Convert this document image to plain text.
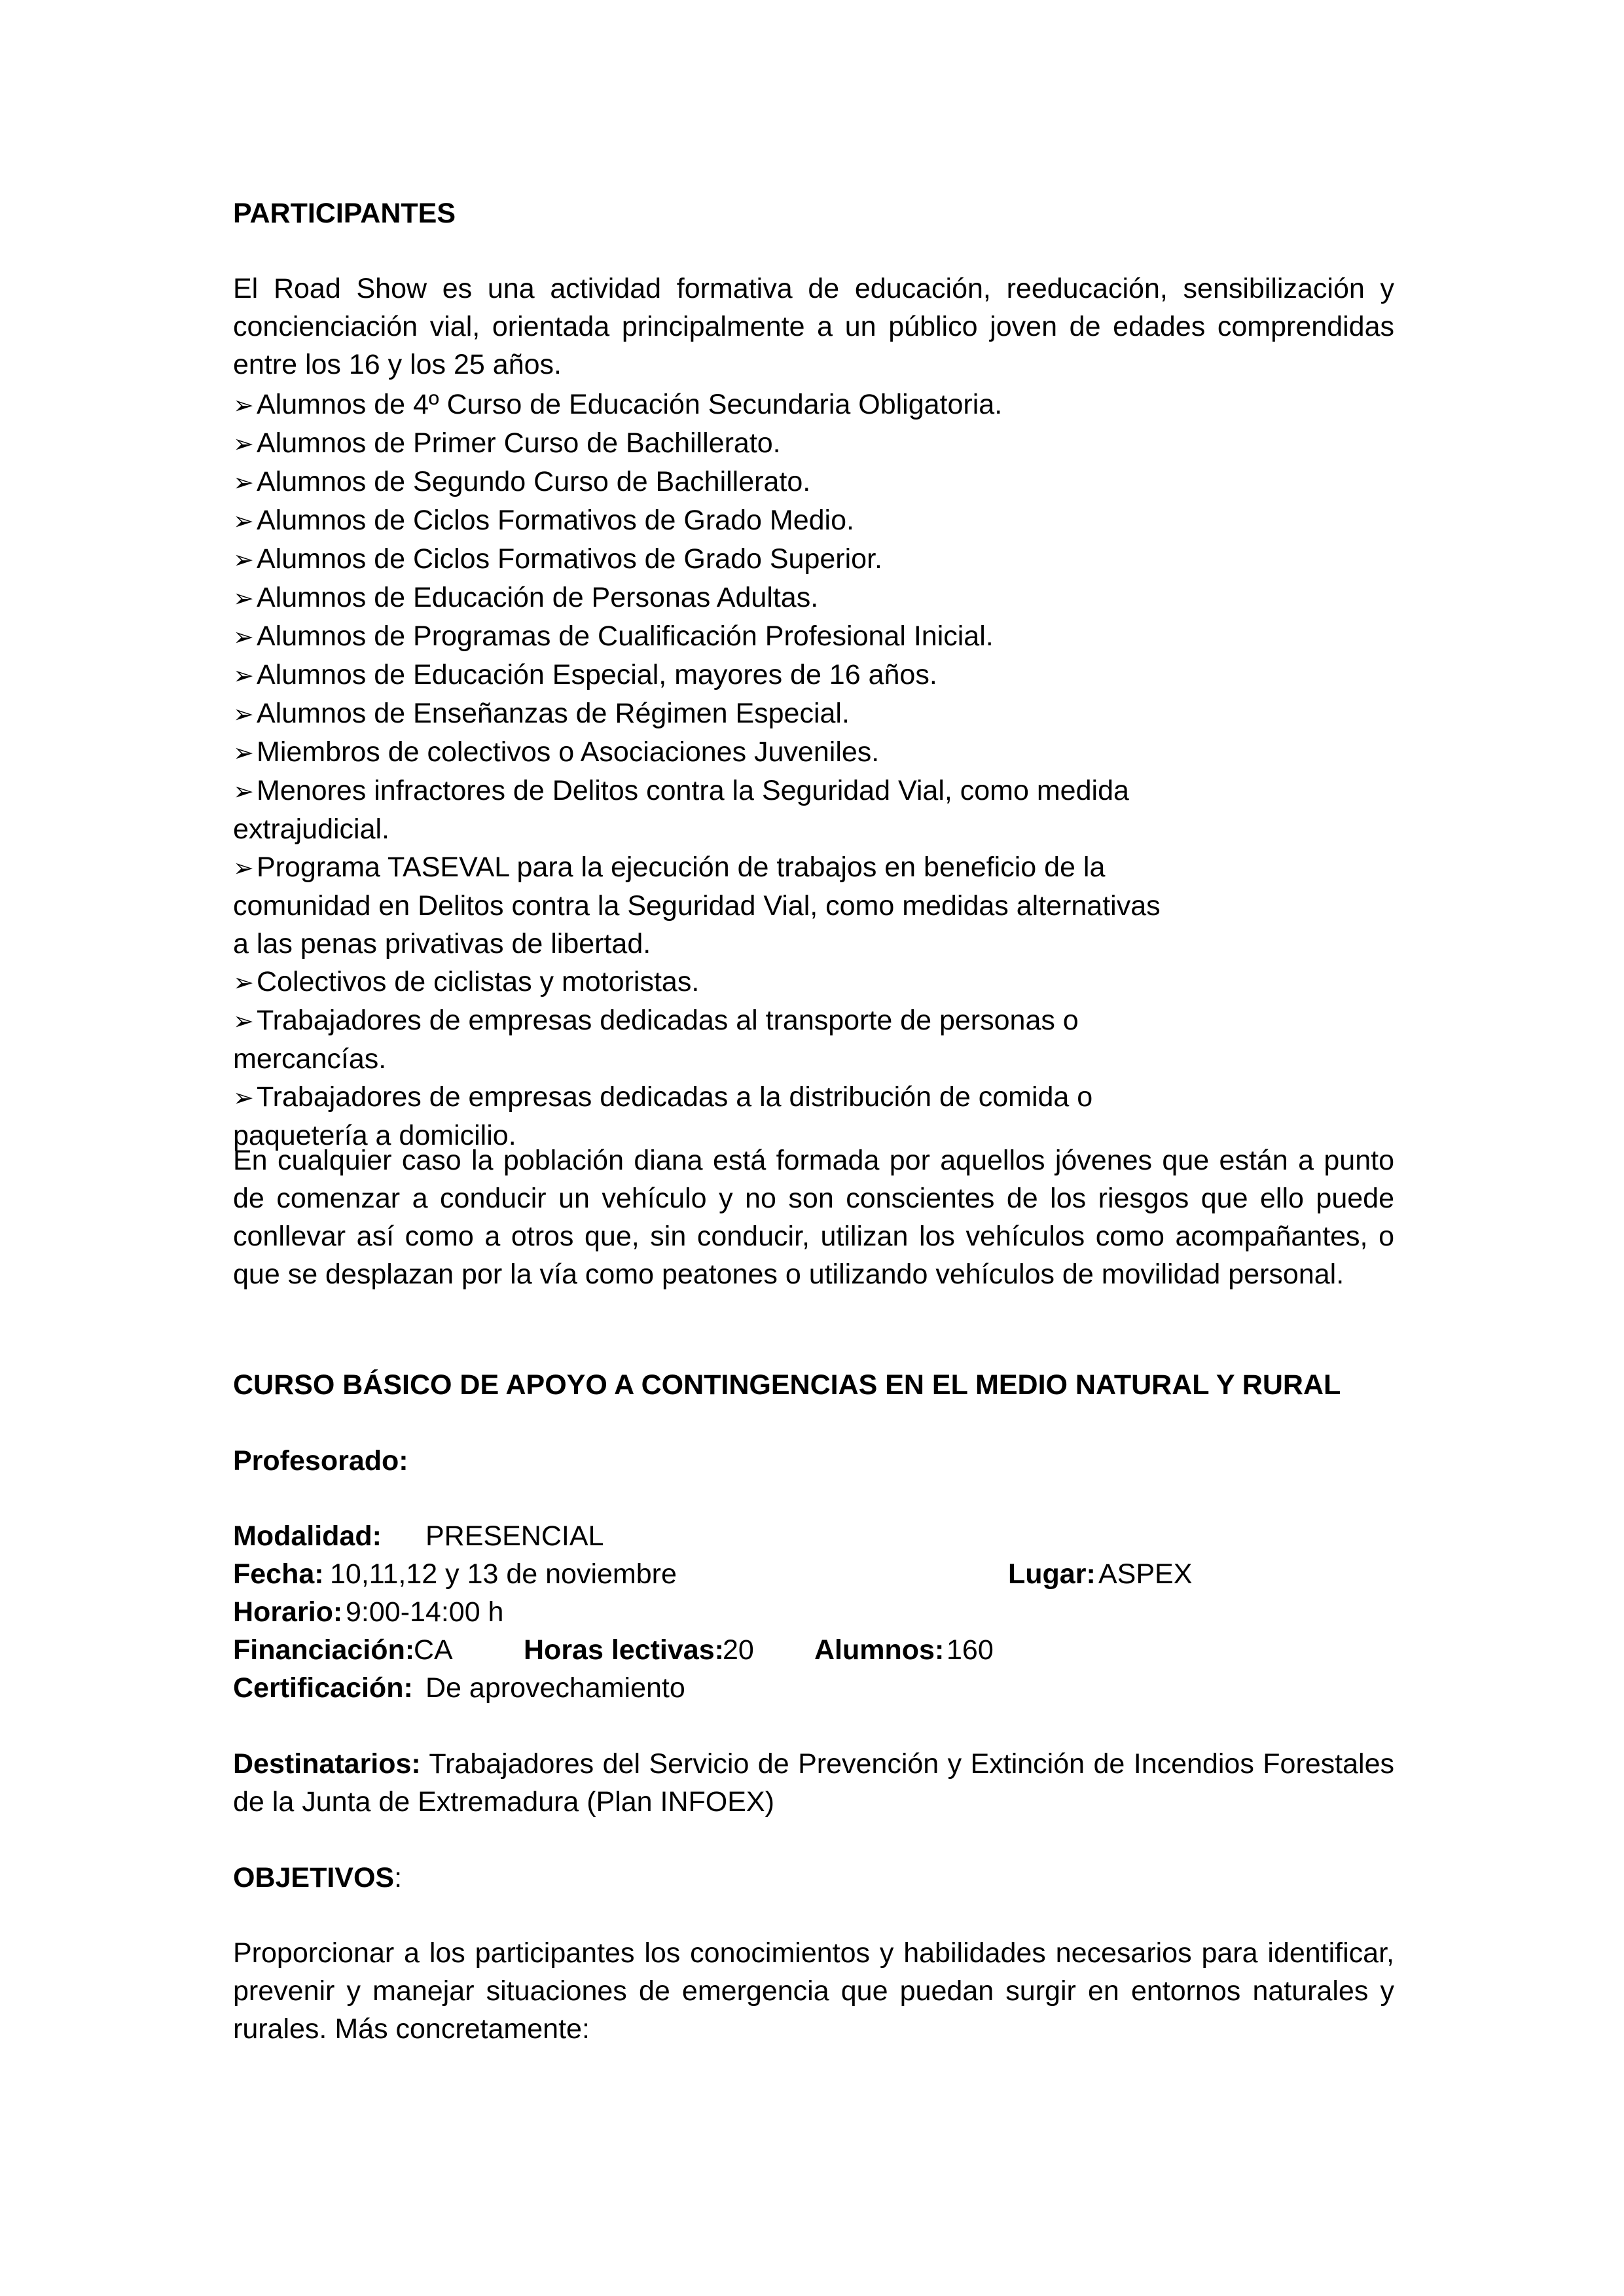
PARTICIPANTES
El Road Show es una actividad formativa de educación, reeducación, sensibilización y concienciación vial, orientada principalmente a un público joven de edades comprendidas entre los 16 y los 25 años.
➢Alumnos de 4º Curso de Educación Secundaria Obligatoria.
➢Alumnos de Primer Curso de Bachillerato.
➢Alumnos de Segundo Curso de Bachillerato.
➢Alumnos de Ciclos Formativos de Grado Medio.
➢Alumnos de Ciclos Formativos de Grado Superior.
➢Alumnos de Educación de Personas Adultas.
➢Alumnos de Programas de Cualificación Profesional Inicial.
➢Alumnos de Educación Especial, mayores de 16 años.
➢Alumnos de Enseñanzas de Régimen Especial.
➢Miembros de colectivos o Asociaciones Juveniles.
➢Menores infractores de Delitos contra la Seguridad Vial, como medida extrajudicial.
➢Programa TASEVAL para la ejecución de trabajos en beneficio de la comunidad en Delitos contra la Seguridad Vial, como medidas alternativas a las penas privativas de libertad.
➢Colectivos de ciclistas y motoristas.
➢Trabajadores de empresas dedicadas al transporte de personas o mercancías.
➢Trabajadores de empresas dedicadas a la distribución de comida o paquetería a domicilio.
En cualquier caso la población diana está formada por aquellos jóvenes que están a punto de comenzar a conducir un vehículo y no son conscientes de los riesgos que ello puede conllevar así como a otros que, sin conducir, utilizan los vehículos como acompañantes, o que se desplazan por la vía como peatones o utilizando vehículos de movilidad personal.
CURSO BÁSICO DE APOYO A CONTINGENCIAS EN EL MEDIO NATURAL Y RURAL
Profesorado:
Modalidad: PRESENCIAL
Fecha: 10,11,12 y 13 de noviembre	Lugar: ASPEX
Horario: 9:00-14:00 h
Financiación:
CA	Horas lectivas:
20 Alumnos: 160
Certificación: De aprovechamiento
Destinatarios: Trabajadores del Servicio de Prevención y Extinción de Incendios Forestales de la Junta de Extremadura (Plan INFOEX)
OBJETIVOS:
Proporcionar a los participantes los conocimientos y habilidades necesarios para identificar, prevenir y manejar situaciones de emergencia que puedan surgir en entornos naturales y rurales. Más concretamente:
